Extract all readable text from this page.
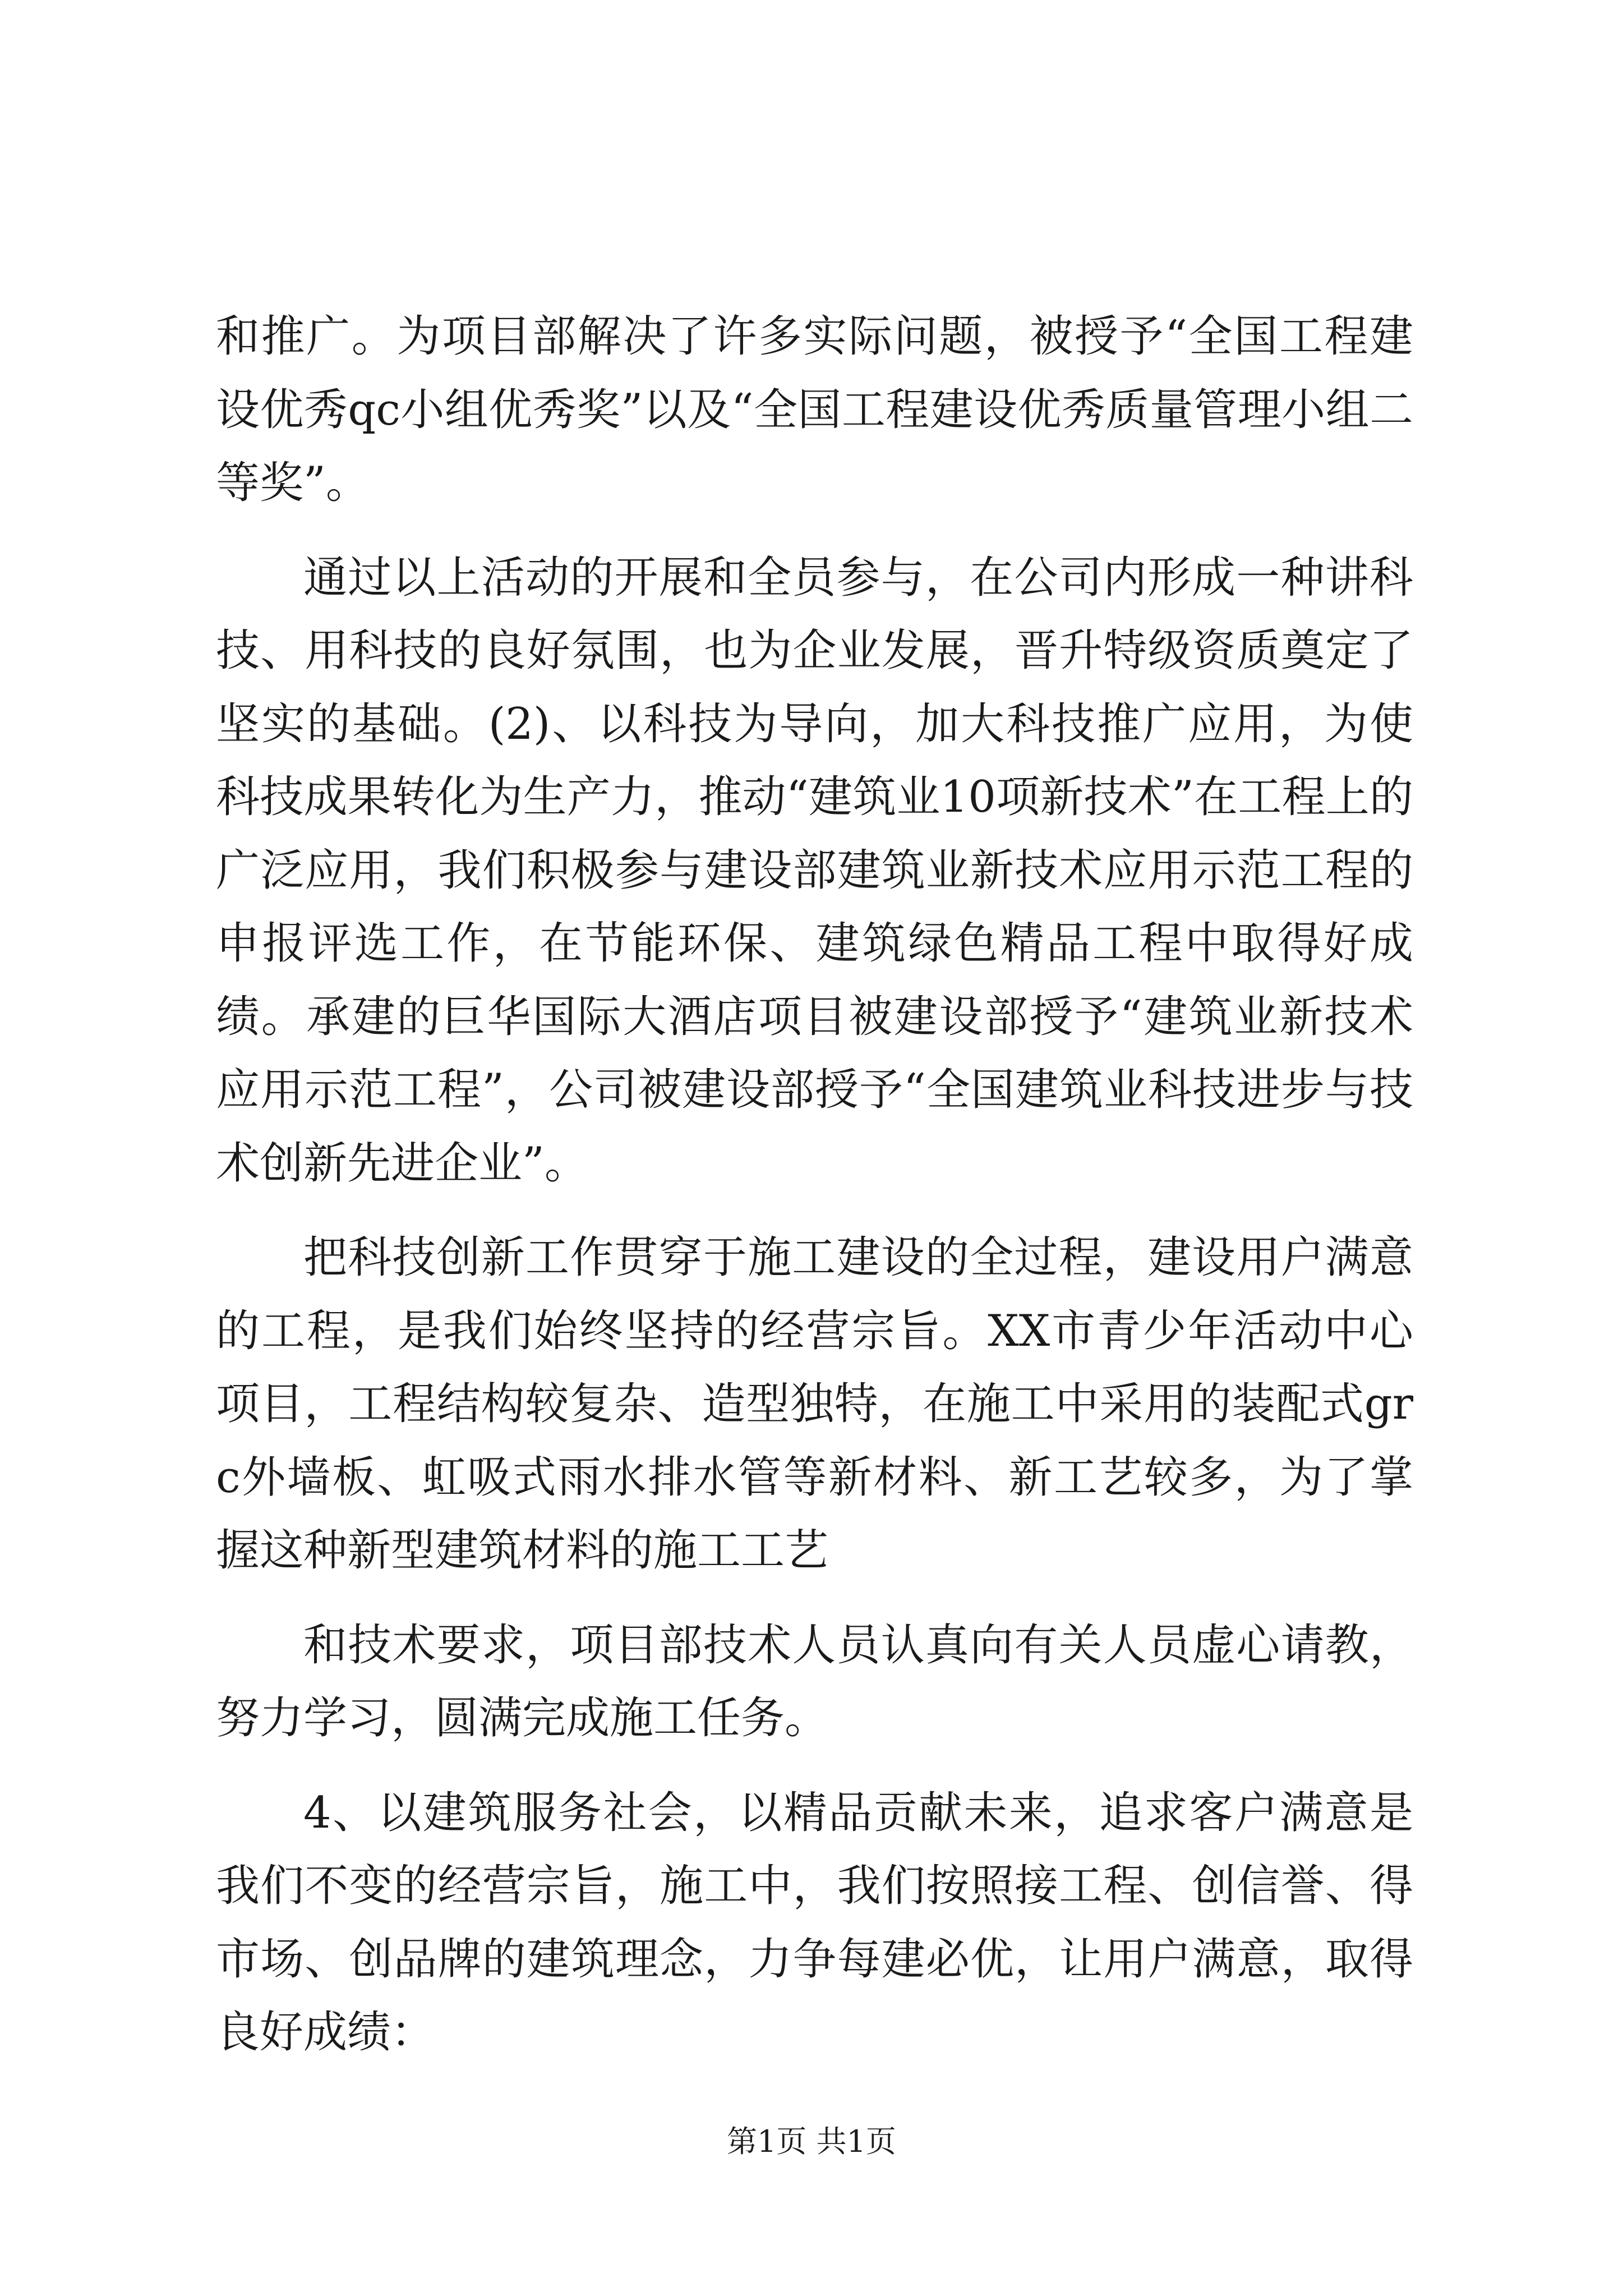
和推广。为项目部解决了许多实际问题，被授予“全国工程建设优秀qc小组优秀奖”以及“全国工程建设优秀质量管理小组二等奖”。

通过以上活动的开展和全员参与，在公司内形成一种讲科技、用科技的良好氛围，也为企业发展，晋升特级资质奠定了坚实的基础。(2)、以科技为导向，加大科技推广应用，为使科技成果转化为生产力，推动“建筑业10项新技术”在工程上的广泛应用，我们积极参与建设部建筑业新技术应用示范工程的申报评选工作，在节能环保、建筑绿色精品工程中取得好成绩。承建的巨华国际大酒店项目被建设部授予“建筑业新技术应用示范工程”，公司被建设部授予“全国建筑业科技进步与技术创新先进企业”。

把科技创新工作贯穿于施工建设的全过程，建设用户满意的工程，是我们始终坚持的经营宗旨。XX市青少年活动中心项目，工程结构较复杂、造型独特，在施工中采用的装配式grc外墙板、虹吸式雨水排水管等新材料、新工艺较多，为了掌握这种新型建筑材料的施工工艺

和技术要求，项目部技术人员认真向有关人员虚心请教，努力学习，圆满完成施工任务。

4、以建筑服务社会，以精品贡献未来，追求客户满意是我们不变的经营宗旨，施工中，我们按照接工程、创信誉、得市场、创品牌的建筑理念，力争每建必优，让用户满意，取得良好成绩：

第1页 共1页
